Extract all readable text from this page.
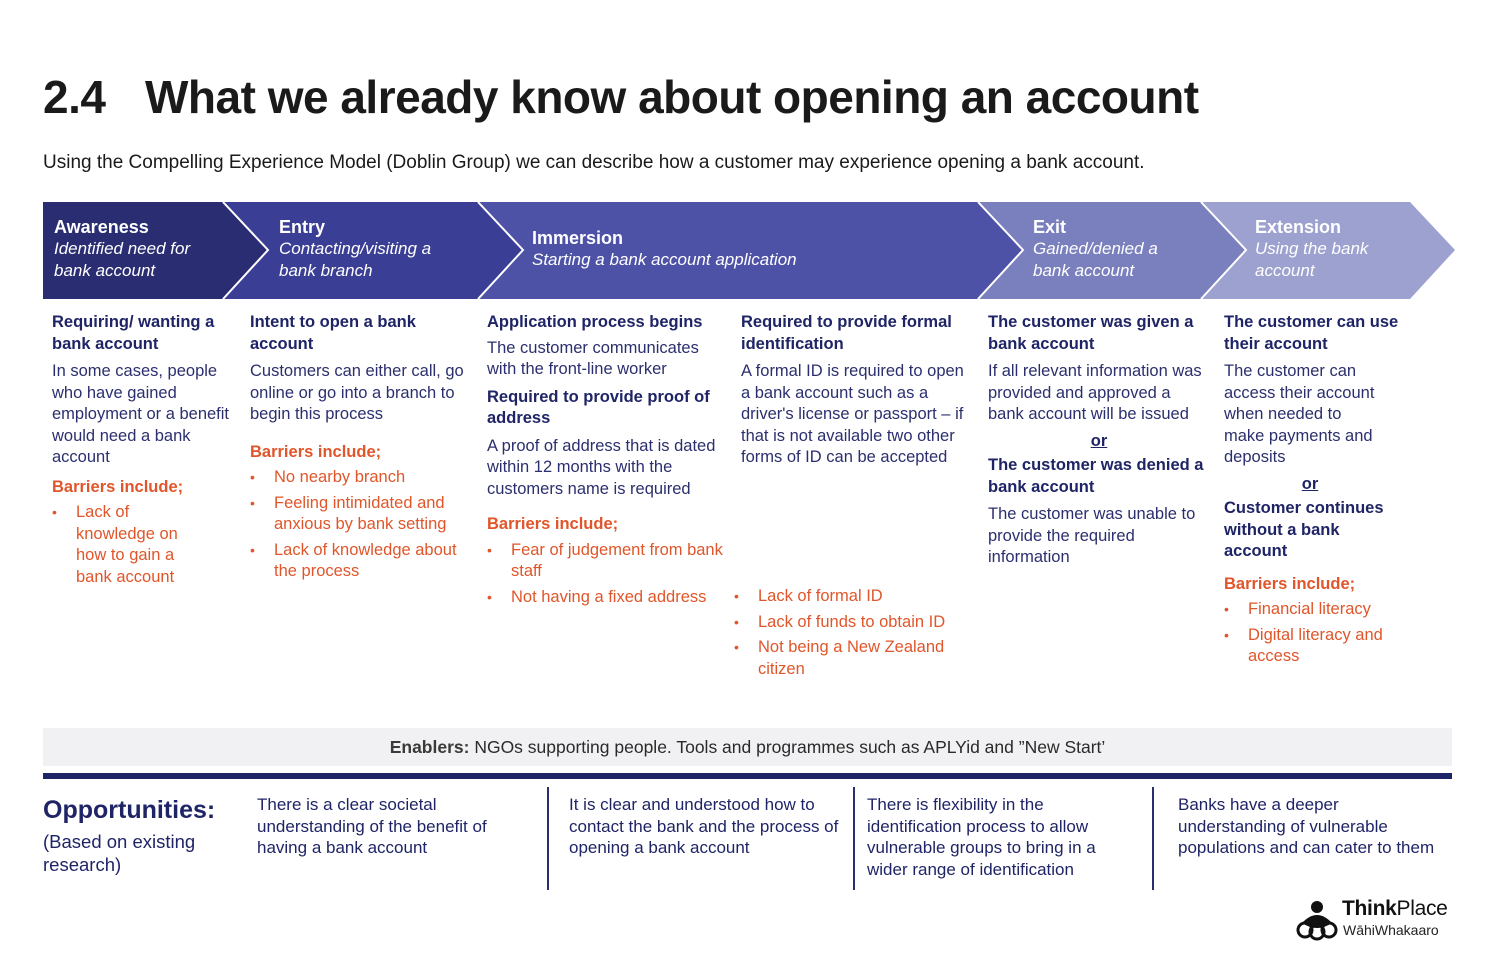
2.4 What we already know about opening an account
Using the Compelling Experience Model (Doblin Group) we can describe how a customer may experience opening a bank account.
Awareness
Identified need for bank account
Entry
Contacting/visiting a bank branch
Immersion
Starting a bank account application
Exit
Gained/denied a bank account
Extension
Using the bank account
Requiring/ wanting a bank account
In some cases, people who have gained employment or a benefit would need a bank account
Barriers include;
• Lack of knowledge on how to gain a bank account
Intent to open a bank account
Customers can either call, go online or go into a branch to begin this process
Barriers include;
• No nearby branch
• Feeling intimidated and anxious by bank setting
• Lack of knowledge about the process
Application process begins
The customer communicates with the front-line worker
Required to provide proof of address
A proof of address that is dated within 12 months with the customers name is required
Barriers include;
• Fear of judgement from bank staff
• Not having a fixed address
Required to provide formal identification
A formal ID is required to open a bank account such as a driver's license or passport – if that is not available two other forms of ID can be accepted
• Lack of formal ID
• Lack of funds to obtain ID
• Not being a New Zealand citizen
The customer was given a bank account
If all relevant information was provided and approved a bank account will be issued
or
The customer was denied a bank account
The customer was unable to provide the required information
The customer can use their account
The customer can access their account when needed to make payments and deposits
or
Customer continues without a bank account
Barriers include;
• Financial literacy
• Digital literacy and access
Enablers: NGOs supporting people. Tools and programmes such as APLYid and ”New Start’
Opportunities:
(Based on existing research)
There is a clear societal understanding of the benefit of having a bank account
It is clear and understood how to contact the bank and the process of opening a bank account
There is flexibility in the identification process to allow vulnerable groups to bring in a wider range of identification
Banks have a deeper understanding of vulnerable populations and can cater to them
ThinkPlace
WāhiWhakaaro
